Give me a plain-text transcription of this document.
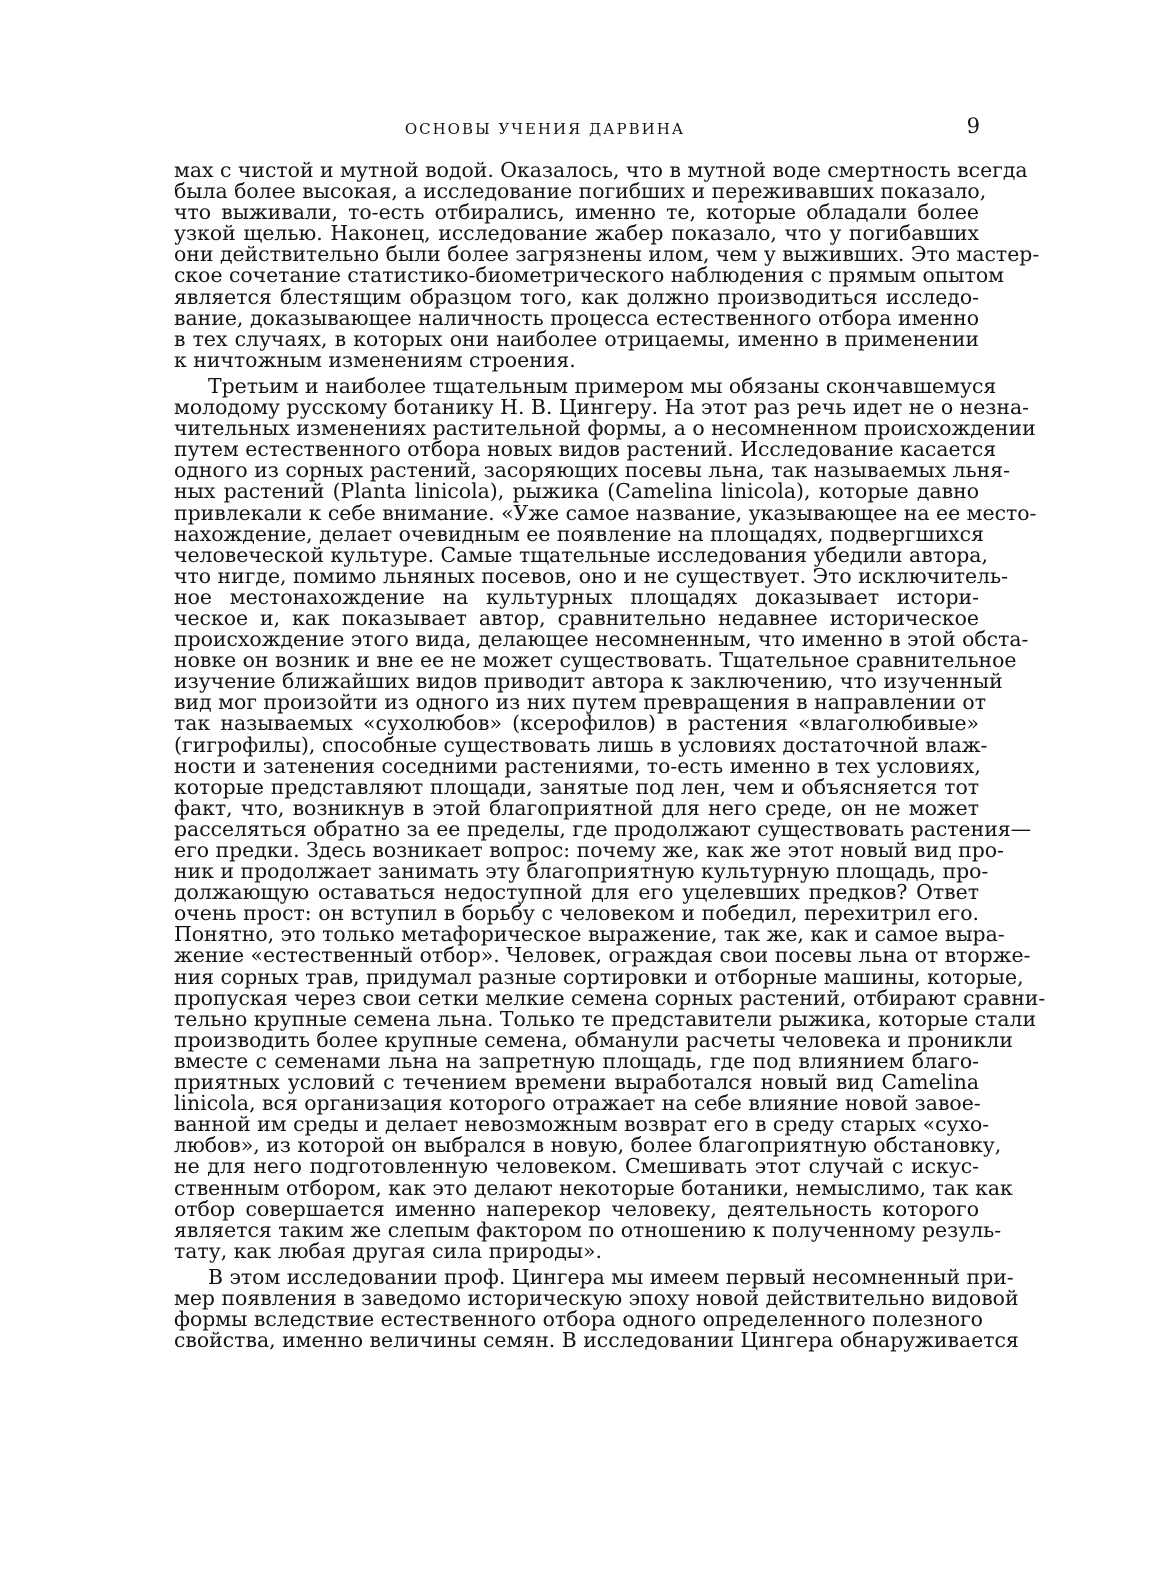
ОСНОВЫ УЧЕНИЯ ДАРВИНА	9
мах с чистой и мутной водой. Оказалось, что в мутной воде смертность всегда
была более высокая, а исследование погибших и переживавших показало,
что выживали, то-есть отбирались, именно те, которые обладали более
узкой щелью. Наконец, исследование жабер показало, что у погибавших
они действительно были более загрязнены илом, чем у выживших. Это мастер-
ское сочетание статистико-биометрического наблюдения с прямым опытом
является блестящим образцом того, как должно производиться исследо-
вание, доказывающее наличность процесса естественного отбора именно
в тех случаях, в которых они наиболее отрицаемы, именно в применении
к ничтожным изменениям строения.
Третьим и наиболее тщательным примером мы обязаны скончавшемуся
молодому русскому ботанику Н. В. Цингеру. На этот раз речь идет не о незна-
чительных изменениях растительной формы, а о несомненном происхождении
путем естественного отбора новых видов растений. Исследование касается
одного из сорных растений, засоряющих посевы льна, так называемых льня-
ных растений (Planta linicola), рыжика (Camelina linicola), которые давно
привлекали к себе внимание. «Уже самое название, указывающее на ее место-
нахождение, делает очевидным ее появление на площадях, подвергшихся
человеческой культуре. Самые тщательные исследования убедили автора,
что нигде, помимо льняных посевов, оно и не существует. Это исключитель-
ное местонахождение на культурных площадях доказывает истори-
ческое и, как показывает автор, сравнительно недавнее историческое
происхождение этого вида, делающее несомненным, что именно в этой обста-
новке он возник и вне ее не может существовать. Тщательное сравнительное
изучение ближайших видов приводит автора к заключению, что изученный
вид мог произойти из одного из них путем превращения в направлении от
так называемых «сухолюбов» (ксерофилов) в растения «влаголюбивые»
(гигрофилы), способные существовать лишь в условиях достаточной влаж-
ности и затенения соседними растениями, то-есть именно в тех условиях,
которые представляют площади, занятые под лен, чем и объясняется тот
факт, что, возникнув в этой благоприятной для него среде, он не может
расселяться обратно за ее пределы, где продолжают существовать растения—
его предки. Здесь возникает вопрос: почему же, как же этот новый вид про-
ник и продолжает занимать эту благоприятную культурную площадь, про-
должающую оставаться недоступной для его уцелевших предков? Ответ
очень прост: он вступил в борьбу с человеком и победил, перехитрил его.
Понятно, это только метафорическое выражение, так же, как и самое выра-
жение «естественный отбор». Человек, ограждая свои посевы льна от вторже-
ния сорных трав, придумал разные сортировки и отборные машины, которые,
пропуская через свои сетки мелкие семена сорных растений, отбирают сравни-
тельно крупные семена льна. Только те представители рыжика, которые стали
производить более крупные семена, обманули расчеты человека и проникли
вместе с семенами льна на запретную площадь, где под влиянием благо-
приятных условий с течением времени выработался новый вид Camelina
linicola, вся организация которого отражает на себе влияние новой завое-
ванной им среды и делает невозможным возврат его в среду старых «сухо-
любов», из которой он выбрался в новую, более благоприятную обстановку,
не для него подготовленную человеком. Смешивать этот случай с искус-
ственным отбором, как это делают некоторые ботаники, немыслимо, так как
отбор совершается именно наперекор человеку, деятельность которого
является таким же слепым фактором по отношению к полученному резуль-
тату, как любая другая сила природы».
В этом исследовании проф. Цингера мы имеем первый несомненный при-
мер появления в заведомо историческую эпоху новой действительно видовой
формы вследствие естественного отбора одного определенного полезного
свойства, именно величины семян. В исследовании Цингера обнаруживается
